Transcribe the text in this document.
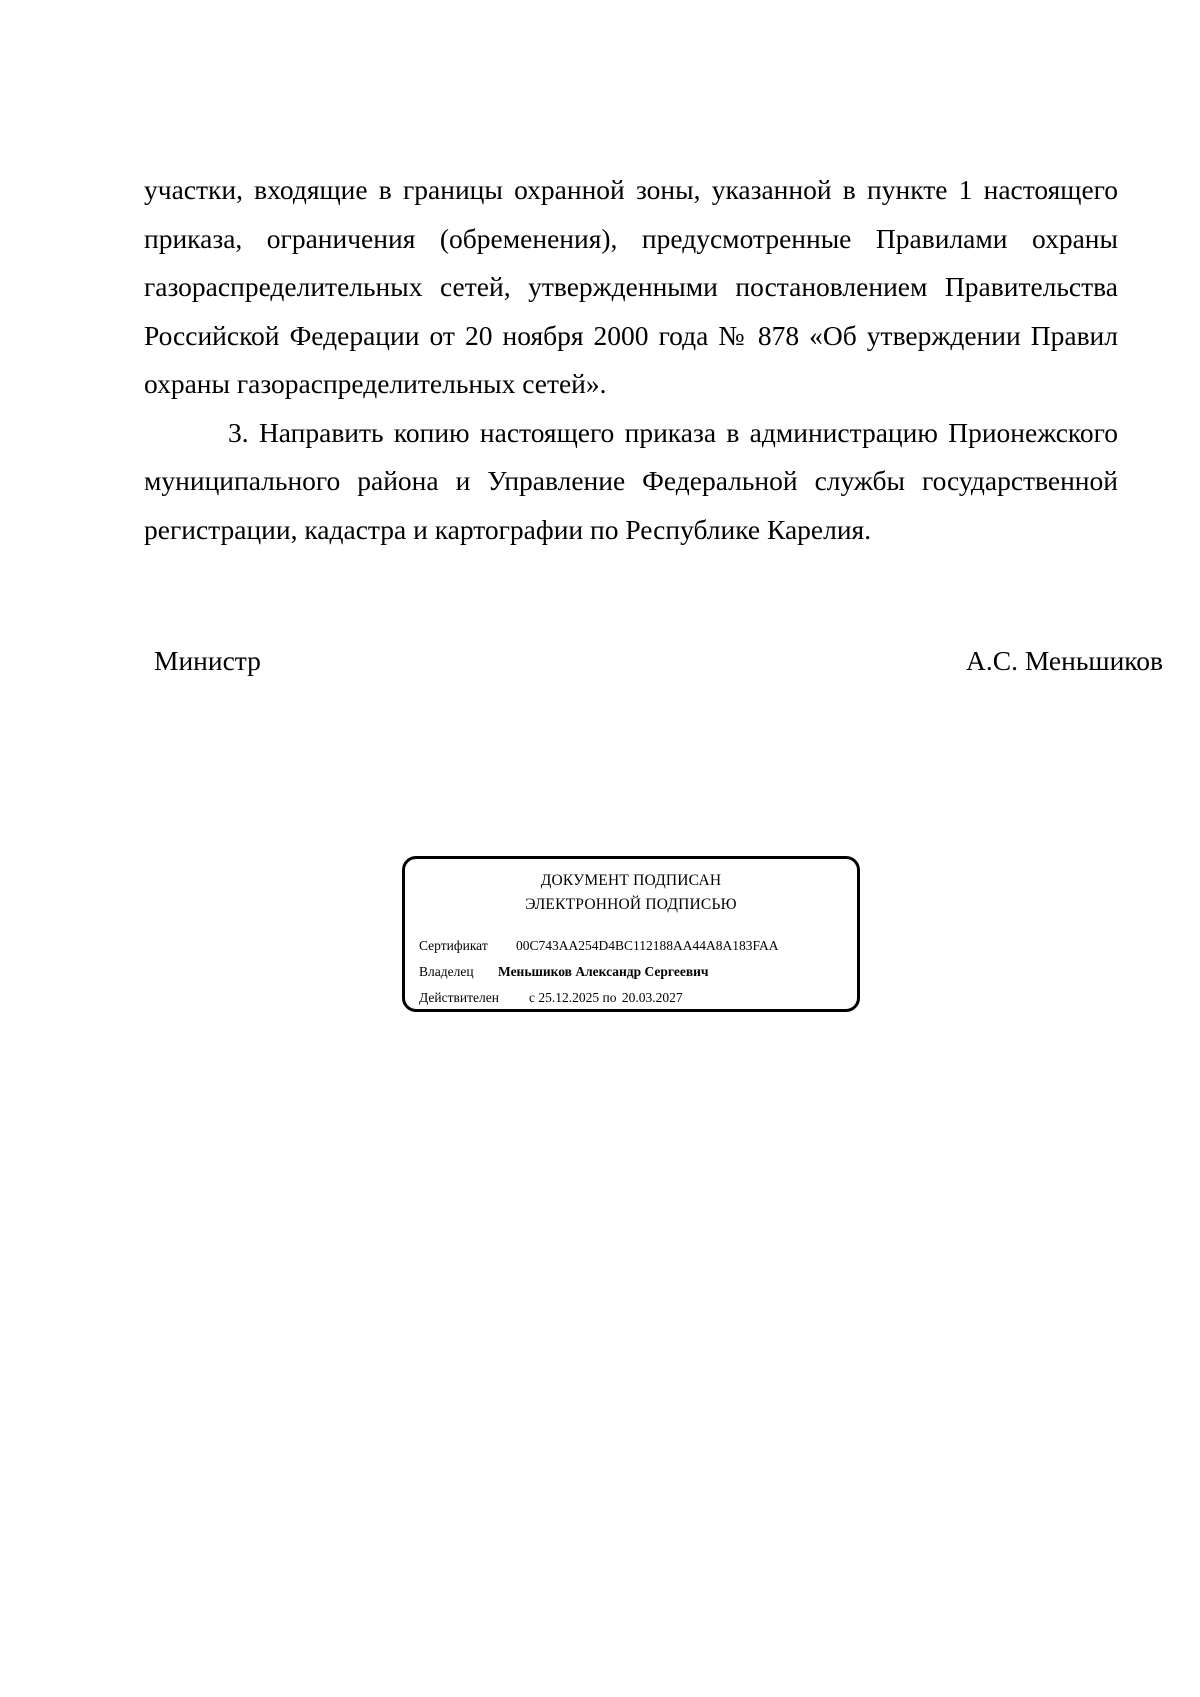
участки, входящие в границы охранной зоны, указанной в пункте 1 настоящего приказа, ограничения (обременения), предусмотренные Правилами охраны газораспределительных сетей, утвержденными постановлением Правительства Российской Федерации от 20 ноября 2000 года № 878 «Об утверждении Правил охраны газораспределительных сетей».

3. Направить копию настоящего приказа в администрацию Прионежского муниципального района и Управление Федеральной службы государственной регистрации, кадастра и картографии по Республике Карелия.

Министр	А.С. Меньшиков
ДОКУМЕНТ ПОДПИСАН
ЭЛЕКТРОННОЙ ПОДПИСЬЮ
Сертификат 00C743AA254D4BC112188AA44A8A183FAA
Владелец Меньшиков Александр Сергеевич
Действителен с 25.12.2025 по 20.03.2027
